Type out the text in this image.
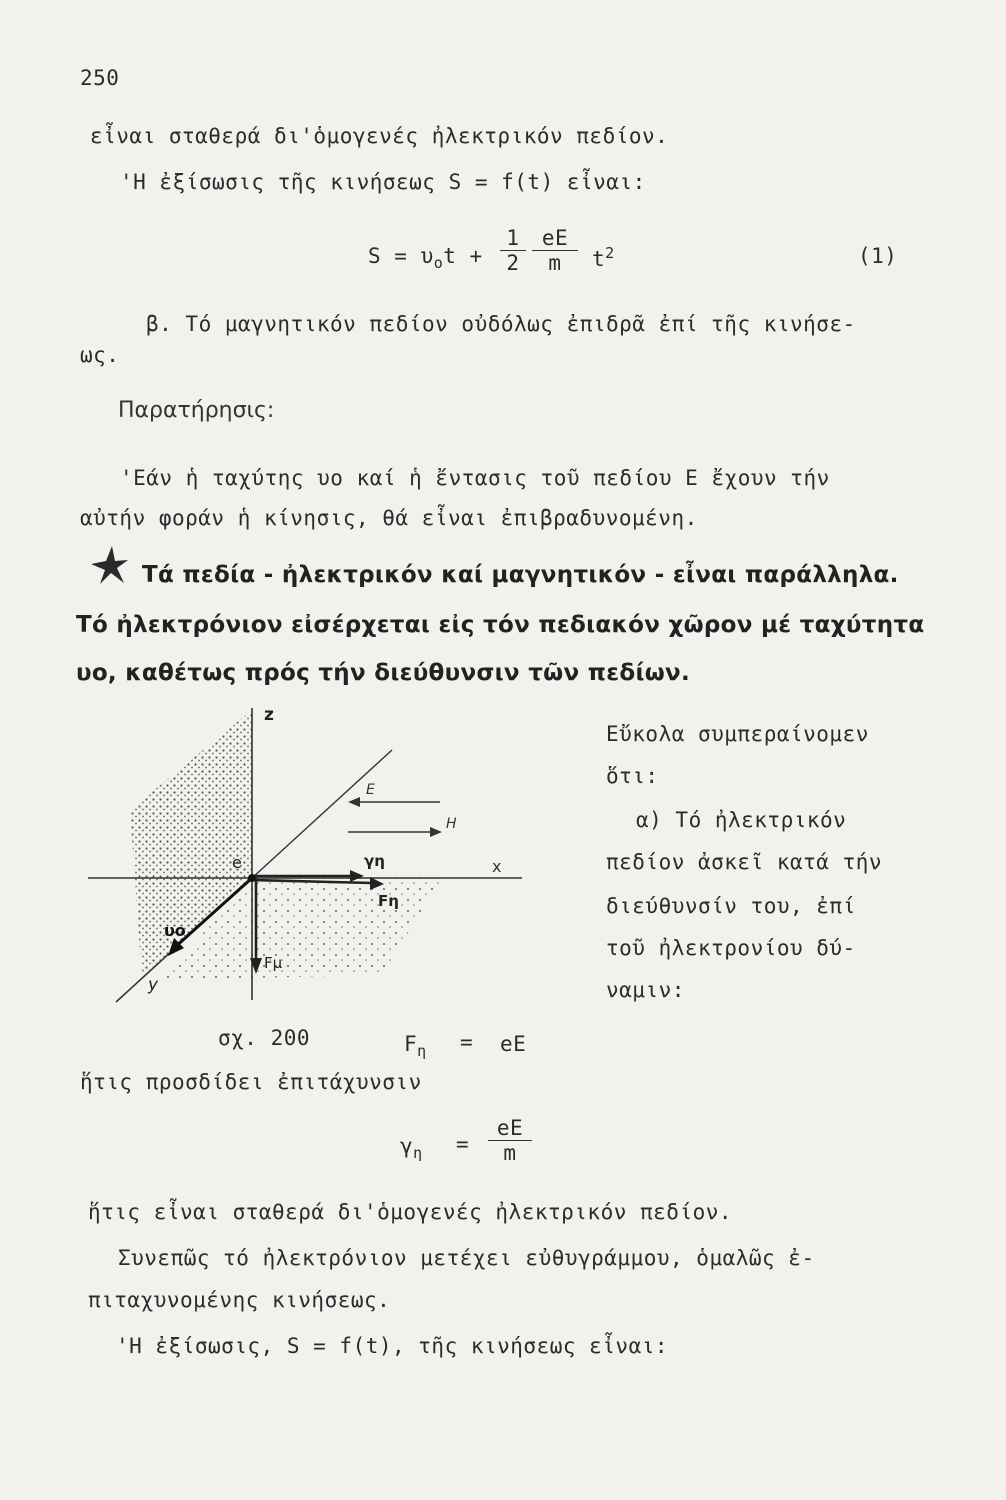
250
εἶναι σταθερά δι'ὁμογενές ἠλεκτρικόν πεδίον.
'Η ἐξίσωσις τῆς κινήσεως S = f(t) εἶναι:
$S = \upsilon_ot + \frac{1}{2} \frac{eE}{m} t^2$	(1)
β. Τό μαγνητικόν πεδίον οὐδόλως ἐπιδρᾶ ἐπί τῆς κινήσε-
ως.
Παρατήρησις:
'Εάν ἡ ταχύτης υο καί ἡ ἔντασις τοῦ πεδίου Ε ἔχουν τήν
αὐτήν φοράν ἡ κίνησις, θά εἶναι ἐπιβραδυνομένη.
Τά πεδία - ἠλεκτρικόν καί μαγνητικόν - εἶναι παράλληλα.
Τό ἠλεκτρόνιον εἰσέρχεται εἰς τόν πεδιακόν χῶρον μέ ταχύτητα
υο, καθέτως πρός τήν διεύθυνσιν τῶν πεδίων.
z
x
y
E
H
γη
Fη
Fμ
e
υο
Εὔκολα συμπεραίνομεν
ὅτι:
α) Τό ἠλεκτρικόν
πεδίον ἀσκεῖ κατά τήν
διεύθυνσίν του, ἐπί
τοῦ ἠλεκτρονίου δύ-
ναμιν:
σχ. 200	$F_\eta$ = eE
ἥτις προσδίδει ἐπιτάχυνσιν
$\gamma_\eta = \frac{eE}{m}$
ἥτις εἶναι σταθερά δι'ὁμογενές ἠλεκτρικόν πεδίον.
Συνεπῶς τό ἠλεκτρόνιον μετέχει εὐθυγράμμου, ὁμαλῶς ἐ-
πιταχυνομένης κινήσεως.
'Η ἐξίσωσις, S = f(t), τῆς κινήσεως εἶναι:
